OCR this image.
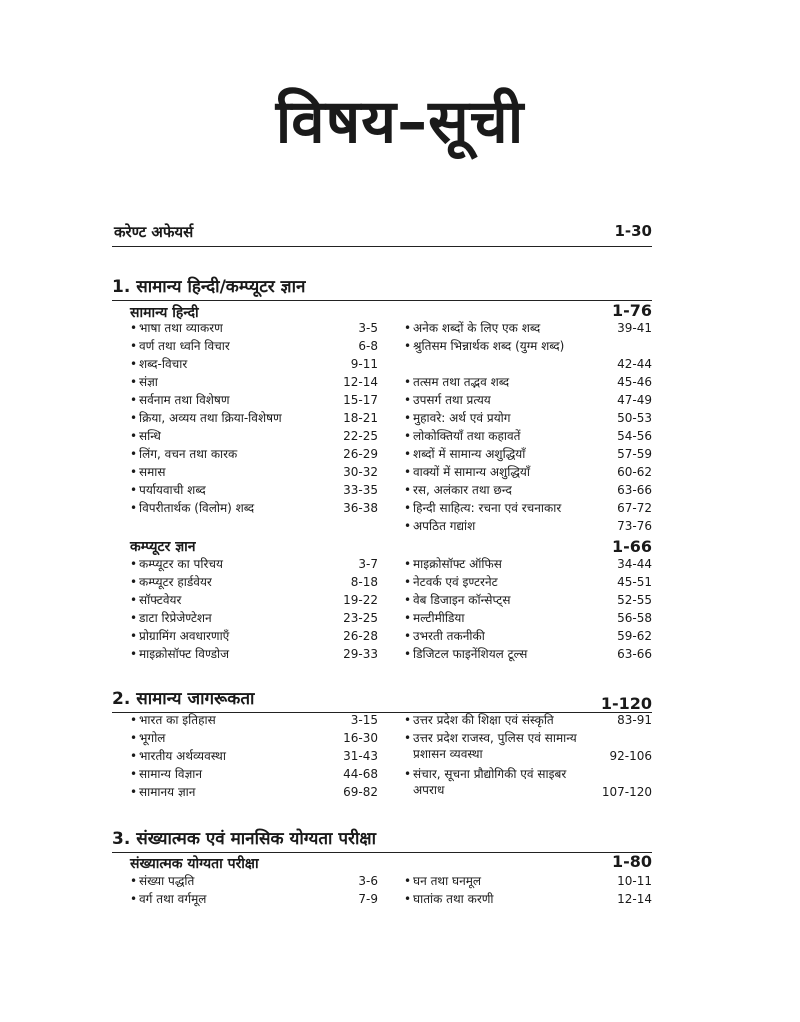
विषय–सूची
करेण्ट अफेयर्स	1-30
1. सामान्य हिन्दी/कम्प्यूटर ज्ञान
सामान्य हिन्दी	1-76
• भाषा तथा व्याकरण	3-5
• वर्ण तथा ध्वनि विचार	6-8
• शब्द-विचार	9-11
• संज्ञा	12-14
• सर्वनाम तथा विशेषण	15-17
• क्रिया, अव्यय तथा क्रिया-विशेषण	18-21
• सन्धि	22-25
• लिंग, वचन तथा कारक	26-29
• समास	30-32
• पर्यायवाची शब्द	33-35
• विपरीतार्थक (विलोम) शब्द	36-38
• अनेक शब्दों के लिए एक शब्द	39-41
• श्रुतिसम भिन्नार्थक शब्द (युग्म शब्द)
42-44
• तत्सम तथा तद्भव शब्द	45-46
• उपसर्ग तथा प्रत्यय	47-49
• मुहावरे: अर्थ एवं प्रयोग	50-53
• लोकोक्तियाँ तथा कहावतें	54-56
• शब्दों में सामान्य अशुद्धियाँ	57-59
• वाक्यों में सामान्य अशुद्धियाँ	60-62
• रस, अलंकार तथा छन्द	63-66
• हिन्दी साहित्य: रचना एवं रचनाकार	67-72
• अपठित गद्यांश	73-76
कम्प्यूटर ज्ञान	1-66
• कम्प्यूटर का परिचय	3-7
• कम्प्यूटर हार्डवेयर	8-18
• सॉफ्टवेयर	19-22
• डाटा रिप्रेजेण्टेशन	23-25
• प्रोग्रामिंग अवधारणाएँ	26-28
• माइक्रोसॉफ्ट विण्डोज	29-33
• माइक्रोसॉफ्ट ऑफिस	34-44
• नेटवर्क एवं इण्टरनेट	45-51
• वेब डिजाइन कॉन्सेप्ट्स	52-55
• मल्टीमीडिया	56-58
• उभरती तकनीकी	59-62
• डिजिटल फाइनेंशियल टूल्स	63-66
2. सामान्य जागरूकता	1-120
• भारत का इतिहास	3-15
• भूगोल	16-30
• भारतीय अर्थव्यवस्था	31-43
• सामान्य विज्ञान	44-68
• सामानय ज्ञान	69-82
• उत्तर प्रदेश की शिक्षा एवं संस्कृति	83-91
• उत्तर प्रदेश राजस्व, पुलिस एवं सामान्य प्रशासन व्यवस्था	92-106
• संचार, सूचना प्रौद्योगिकी एवं साइबर अपराध	107-120
3. संख्यात्मक एवं मानसिक योग्यता परीक्षा
संख्यात्मक योग्यता परीक्षा	1-80
• संख्या पद्धति	3-6
• वर्ग तथा वर्गमूल	7-9
• घन तथा घनमूल	10-11
• घातांक तथा करणी	12-14
